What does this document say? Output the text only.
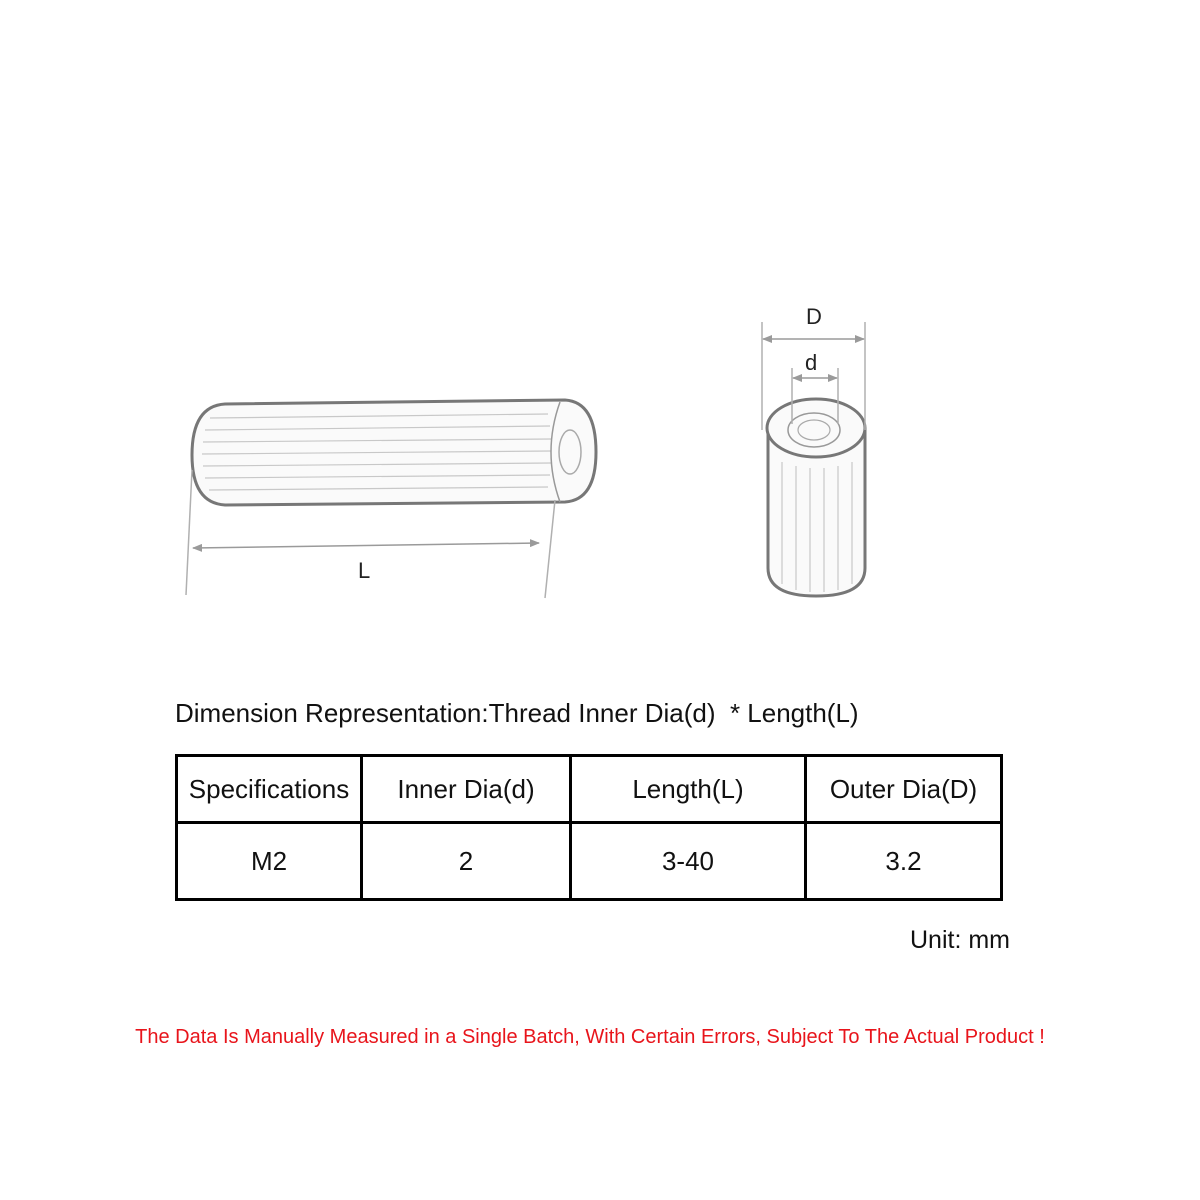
L
D
d
Dimension Representation:Thread Inner Dia(d)  * Length(L)
Specifications	Inner Dia(d)	Length(L)	Outer Dia(D)
M2	2	3-40	3.2
Unit: mm
The Data Is Manually Measured in a Single Batch, With Certain Errors, Subject To The Actual Product !
